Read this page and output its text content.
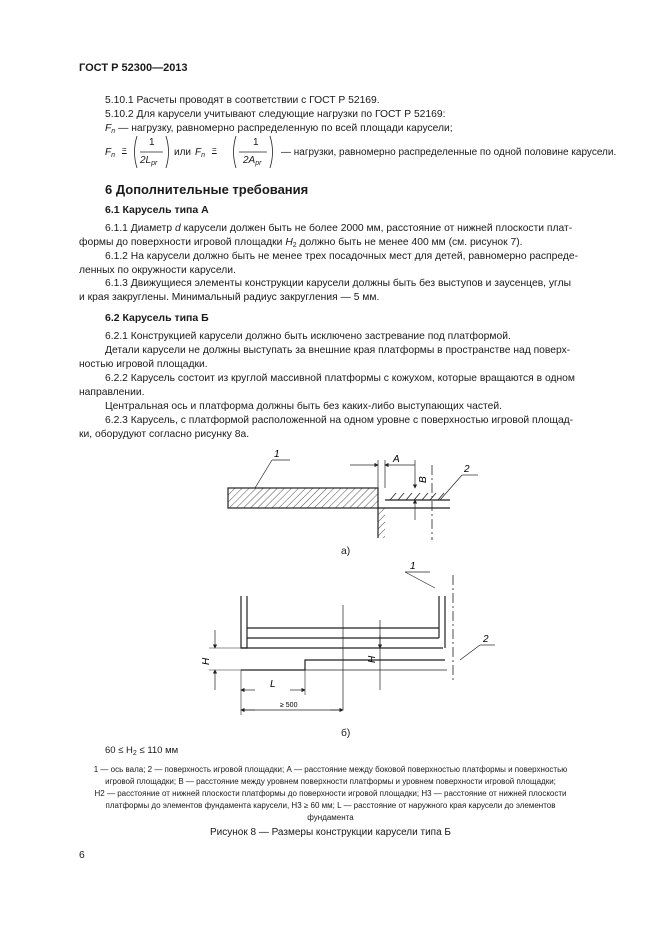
ГОСТ Р 52300—2013
5.10.1 Расчеты проводят в соответствии с ГОСТ Р 52169.
5.10.2 Для карусели учитывают следующие нагрузки по ГОСТ Р 52169:
$F_n$ — нагрузку, равномерно распределенную по всей площади карусели;
$F_n$
=
1
$2L_{pr}$
или $F_n$
=
1
$2A_{pr}$
— нагрузки, равномерно распределенные по одной половине карусели.
6 Дополнительные требования
6.1 Карусель типа А
6.1.1 Диаметр d карусели должен быть не более 2000 мм, расстояние от нижней плоскости плат-
формы до поверхности игровой площадки $H_2$ должно быть не менее 400 мм (см. рисунок 7).
6.1.2 На карусели должно быть не менее трех посадочных мест для детей, равномерно распреде-
ленных по окружности карусели.
6.1.3 Движущиеся элементы конструкции карусели должны быть без выступов и заусенцев, углы
и края закруглены. Минимальный радиус закругления — 5 мм.
6.2 Карусель типа Б
6.2.1 Конструкцией карусели должно быть исключено застревание под платформой.
Детали карусели не должны выступать за внешние края платформы в пространстве над поверх-
ностью игровой площадки.
6.2.2 Карусель состоит из круглой массивной платформы с кожухом, которые вращаются в одном
направлении.
Центральная ось и платформа должны быть без каких-либо выступающих частей.
6.2.3 Карусель, с платформой расположенной на одном уровне с поверхностью игровой площад-
ки, оборудуют согласно рисунку 8а.
1
2
А
В
а)
1
2
H	H
L
≥ 500
б)
$60 \le H_2 \le 110$ мм
1 — ось вала; 2 — поверхность игровой площадки; А — расстояние между боковой поверхностью платформы и поверхностью
игровой площадки; В — расстояние между уровнем поверхности платформы и уровнем поверхности игровой площадки;
H2 — расстояние от нижней плоскости платформы до поверхности игровой площадки; H3 — расстояние от нижней плоскости
платформы до элементов фундамента карусели, H3 ≥ 60 мм; L — расстояние от наружного края карусели до элементов
фундамента
Рисунок 8 — Размеры конструкции карусели типа Б
6
